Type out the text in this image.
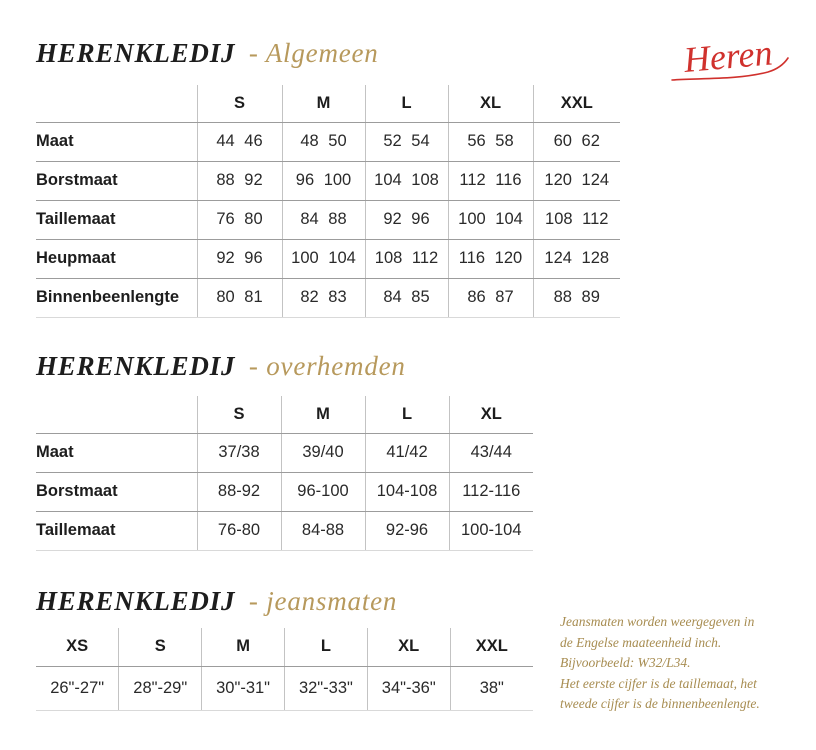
HERENKLEDIJ - Algemeen	Heren
	S	M	L	XL	XXL
Maat	44 46	48 50	52 54	56 58	60 62
Borstmaat	88 92	96 100	104 108	112 116	120 124
Taillemaat	76 80	84 88	92 96	100 104	108 112
Heupmaat	92 96	100 104	108 112	116 120	124 128
Binnenbeenlengte	80 81	82 83	84 85	86 87	88 89
HERENKLEDIJ - overhemden
	S	M	L	XL
Maat	37/38	39/40	41/42	43/44
Borstmaat	88-92	96-100	104-108	112-116
Taillemaat	76-80	84-88	92-96	100-104
HERENKLEDIJ - jeansmaten
XS	S	M	L	XL	XXL
26"-27"	28"-29"	30"-31"	32"-33"	34"-36"	38"
Jeansmaten worden weergegeven in
de Engelse maateenheid inch.
Bijvoorbeeld: W32/L34.
Het eerste cijfer is de taillemaat, het
tweede cijfer is de binnenbeenlengte.
